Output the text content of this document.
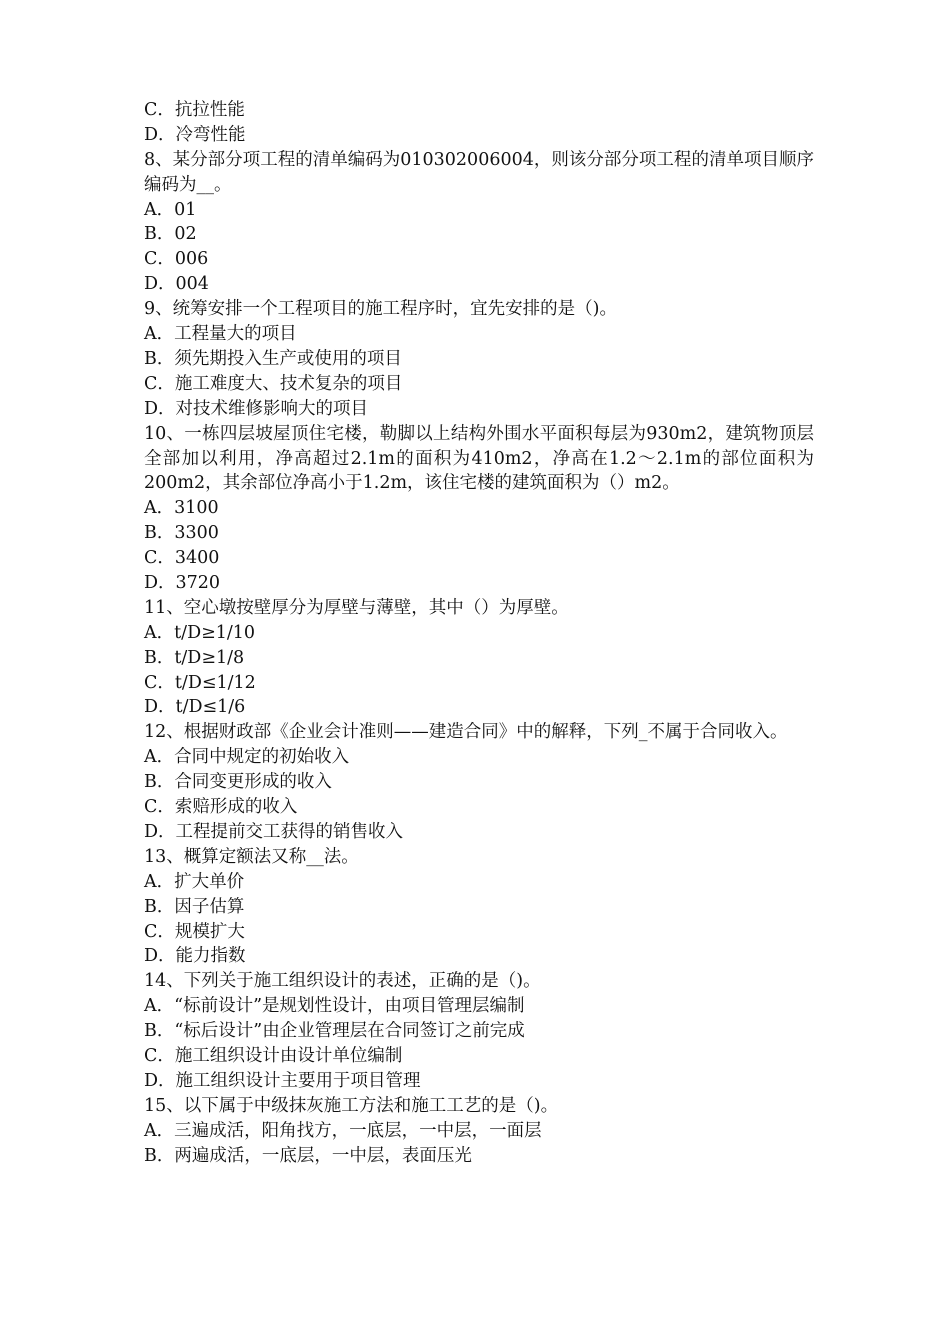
C．抗拉性能
D．冷弯性能
8、某分部分项工程的清单编码为010302006004，则该分部分项工程的清单项目顺序编码为__。
A．01
B．02
C．006
D．004
9、统筹安排一个工程项目的施工程序时，宜先安排的是（)。
A．工程量大的项目
B．须先期投入生产或使用的项目
C．施工难度大、技术复杂的项目
D．对技术维修影响大的项目
10、一栋四层坡屋顶住宅楼，勒脚以上结构外围水平面积每层为930m2，建筑物顶层全部加以利用，净高超过2.1m的面积为410m2，净高在1.2～2.1m的部位面积为200m2，其余部位净高小于1.2m，该住宅楼的建筑面积为（）m2。
A．3100
B．3300
C．3400
D．3720
11、空心墩按壁厚分为厚壁与薄壁，其中（）为厚壁。
A．t/D≥1/10
B．t/D≥1/8
C．t/D≤1/12
D．t/D≤1/6
12、根据财政部《企业会计准则——建造合同》中的解释，下列_不属于合同收入。
A．合同中规定的初始收入
B．合同变更形成的收入
C．索赔形成的收入
D．工程提前交工获得的销售收入
13、概算定额法又称__法。
A．扩大单价
B．因子估算
C．规模扩大
D．能力指数
14、下列关于施工组织设计的表述，正确的是（)。
A．“标前设计”是规划性设计，由项目管理层编制
B．“标后设计”由企业管理层在合同签订之前完成
C．施工组织设计由设计单位编制
D．施工组织设计主要用于项目管理
15、以下属于中级抹灰施工方法和施工工艺的是（)。
A．三遍成活，阳角找方，一底层，一中层，一面层
B．两遍成活，一底层，一中层，表面压光
